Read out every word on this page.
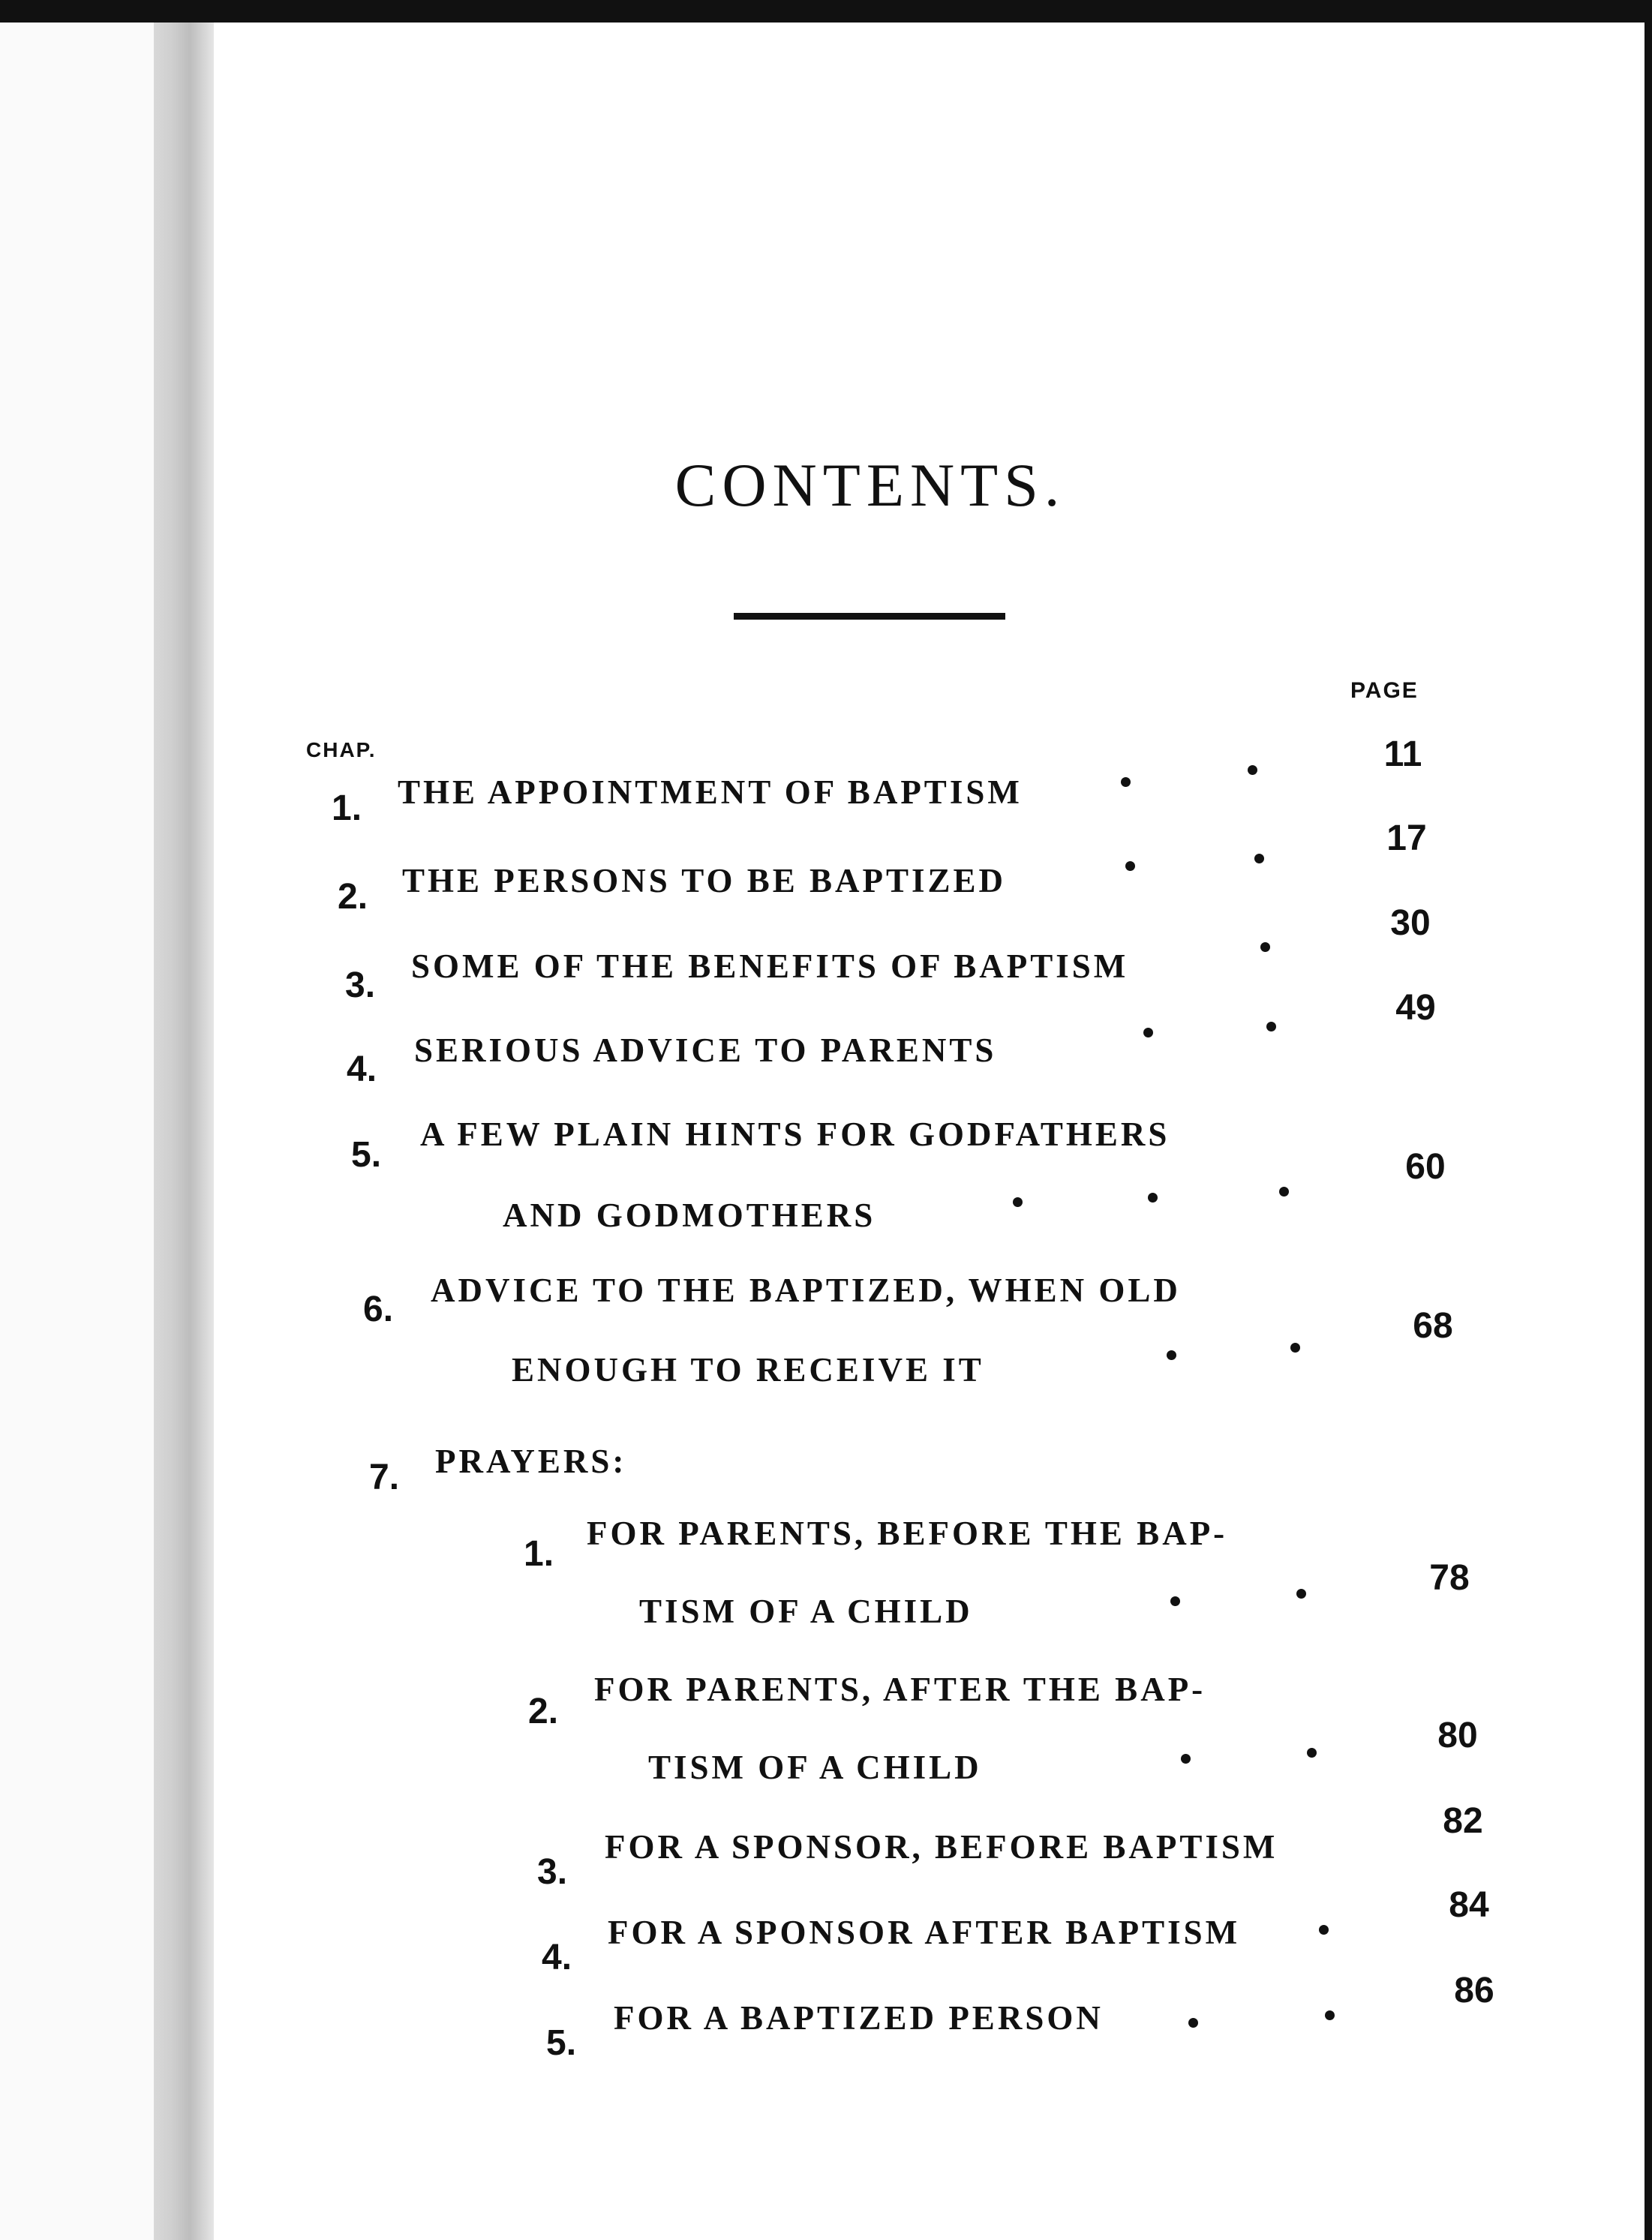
CONTENTS.
PAGE
CHAP.
1. THE APPOINTMENT OF BAPTISM
11
2. THE PERSONS TO BE BAPTIZED
17
3. SOME OF THE BENEFITS OF BAPTISM
30
4. SERIOUS ADVICE TO PARENTS
49
5.
A FEW PLAIN HINTS FOR GODFATHERS
AND GODMOTHERS
60
6. ADVICE TO THE BAPTIZED, WHEN OLD
ENOUGH TO RECEIVE IT
68
7. PRAYERS:
1.
FOR PARENTS, BEFORE THE BAP-
TISM OF A CHILD
78
2.
FOR PARENTS, AFTER THE BAP-
TISM OF A CHILD
80
3.
FOR A SPONSOR, BEFORE BAPTISM
82
4.
FOR A SPONSOR AFTER BAPTISM
84
5.
FOR A BAPTIZED PERSON
86
